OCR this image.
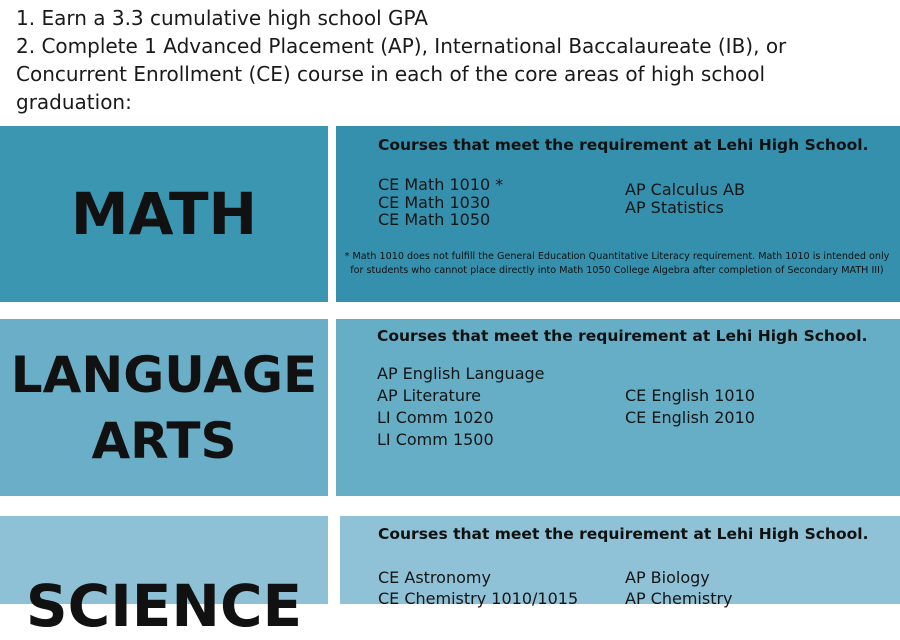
1. Earn a 3.3 cumulative high school GPA

2. Complete 1 Advanced Placement (AP), International Baccalaureate (IB), or

Concurrent Enrollment (CE) course in each of the core areas of high school

graduation:

MATH
Courses that meet the requirement at Lehi High School.
CE Math 1010 *
CE Math 1030
CE Math 1050
AP Calculus AB
AP Statistics
* Math 1010 does not fulfill the General Education Quantitative Literacy requirement. Math 1010 is intended only for students who cannot place directly into Math 1050 College Algebra after completion of Secondary MATH III)
LANGUAGE
ARTS
Courses that meet the requirement at Lehi High School.
AP English Language
AP Literature
LI Comm 1020
LI Comm 1500
CE English 1010
CE English 2010
SCIENCE
Courses that meet the requirement at Lehi High School.
CE Astronomy
CE Chemistry 1010/1015
AP Biology
AP Chemistry
